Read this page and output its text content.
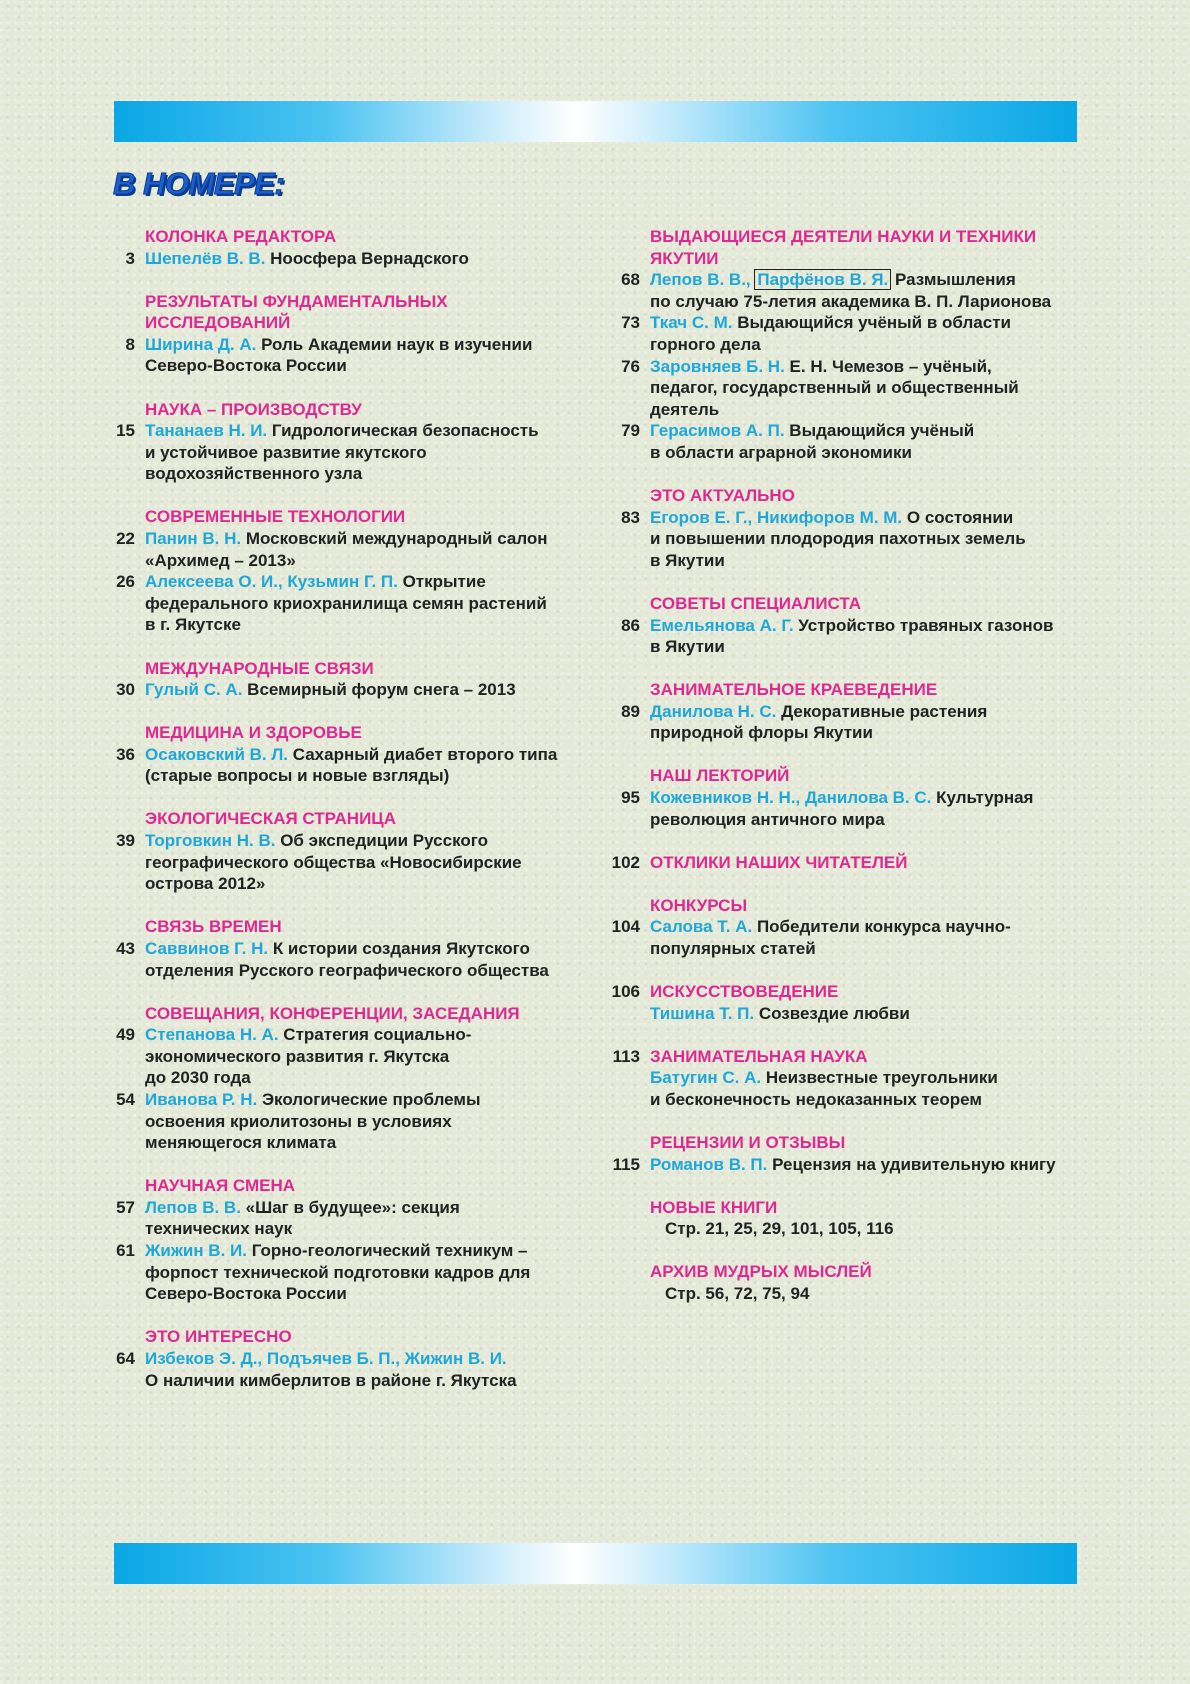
В НОМЕРЕ:
КОЛОНКА РЕДАКТОРА
3 Шепелёв В. В. Ноосфера Вернадского
РЕЗУЛЬТАТЫ ФУНДАМЕНТАЛЬНЫХ
ИССЛЕДОВАНИЙ
8 Ширина Д. А. Роль Академии наук в изучении
Северо-Востока России
НАУКА – ПРОИЗВОДСТВУ
15 Тананаев Н. И. Гидрологическая безопасность
и устойчивое развитие якутского
водохозяйственного узла
СОВРЕМЕННЫЕ ТЕХНОЛОГИИ
22 Панин В. Н. Московский международный салон
«Архимед – 2013»
26 Алексеева О. И., Кузьмин Г. П. Открытие
федерального криохранилища семян растений
в г. Якутске
МЕЖДУНАРОДНЫЕ СВЯЗИ
30 Гулый С. А. Всемирный форум снега – 2013
МЕДИЦИНА И ЗДОРОВЬЕ
36 Осаковский В. Л. Сахарный диабет второго типа
(старые вопросы и новые взгляды)
ЭКОЛОГИЧЕСКАЯ СТРАНИЦА
39 Торговкин Н. В. Об экспедиции Русского
географического общества «Новосибирские
острова 2012»
СВЯЗЬ ВРЕМЕН
43 Саввинов Г. Н. К истории создания Якутского
отделения Русского географического общества
СОВЕЩАНИЯ, КОНФЕРЕНЦИИ, ЗАСЕДАНИЯ
49 Степанова Н. А. Стратегия социально-
экономического развития г. Якутска
до 2030 года
54 Иванова Р. Н. Экологические проблемы
освоения криолитозоны в условиях
меняющегося климата
НАУЧНАЯ СМЕНА
57 Лепов В. В. «Шаг в будущее»: секция
технических наук
61 Жижин В. И. Горно-геологический техникум –
форпост технической подготовки кадров для
Северо-Востока России
ЭТО ИНТЕРЕСНО
64 Избеков Э. Д., Подъячев Б. П., Жижин В. И.
О наличии кимберлитов в районе г. Якутска
ВЫДАЮЩИЕСЯ ДЕЯТЕЛИ НАУКИ И ТЕХНИКИ
ЯКУТИИ
68 Лепов В. В., Парфёнов В. Я. Размышления
по случаю 75-летия академика В. П. Ларионова
73 Ткач С. М. Выдающийся учёный в области
горного дела
76 Заровняев Б. Н. Е. Н. Чемезов – учёный,
педагог, государственный и общественный
деятель
79 Герасимов А. П. Выдающийся учёный
в области аграрной экономики
ЭТО АКТУАЛЬНО
83 Егоров Е. Г., Никифоров М. М. О состоянии
и повышении плодородия пахотных земель
в Якутии
СОВЕТЫ СПЕЦИАЛИСТА
86 Емельянова А. Г. Устройство травяных газонов
в Якутии
ЗАНИМАТЕЛЬНОЕ КРАЕВЕДЕНИЕ
89 Данилова Н. С. Декоративные растения
природной флоры Якутии
НАШ ЛЕКТОРИЙ
95 Кожевников Н. Н., Данилова В. С. Культурная
революция античного мира
102 ОТКЛИКИ НАШИХ ЧИТАТЕЛЕЙ
КОНКУРСЫ
104 Салова Т. А. Победители конкурса научно-
популярных статей
106 ИСКУССТВОВЕДЕНИЕ
Тишина Т. П. Созвездие любви
113 ЗАНИМАТЕЛЬНАЯ НАУКА
Батугин С. А. Неизвестные треугольники
и бесконечность недоказанных теорем
РЕЦЕНЗИИ И ОТЗЫВЫ
115 Романов В. П. Рецензия на удивительную книгу
НОВЫЕ КНИГИ
Стр. 21, 25, 29, 101, 105, 116
АРХИВ МУДРЫХ МЫСЛЕЙ
Стр. 56, 72, 75, 94
